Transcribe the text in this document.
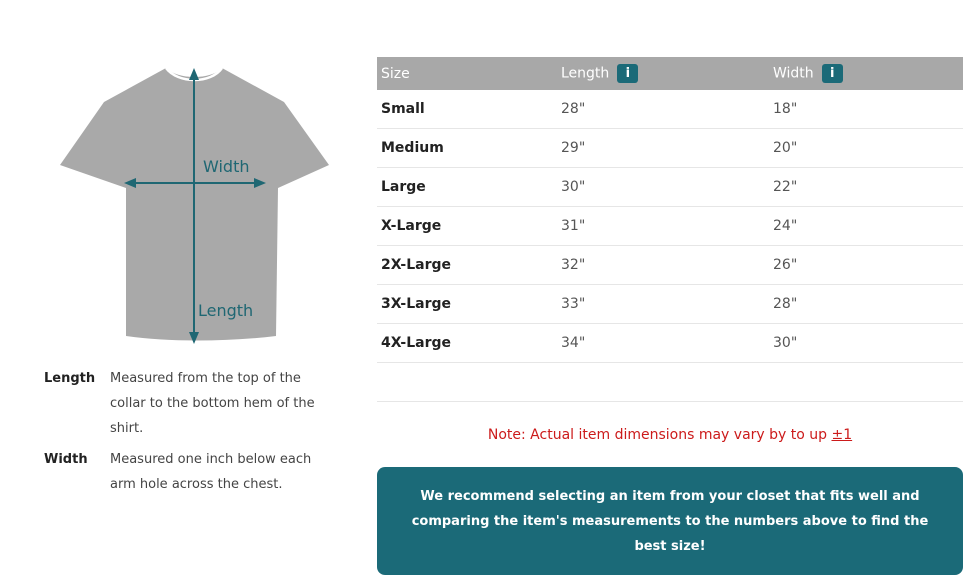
Width
Length
Length	Measured from the top of the collar to the bottom hem of the shirt.
Width	Measured one inch below each arm hole across the chest.
Size	Length i	Width i
Small	28"	18"
Medium	29"	20"
Large	30"	22"
X-Large	31"	24"
2X-Large	32"	26"
3X-Large	33"	28"
4X-Large	34"	30"

Note: Actual item dimensions may vary by to up ±1
We recommend selecting an item from your closet that fits well and comparing the item's measurements to the numbers above to find the best size!
